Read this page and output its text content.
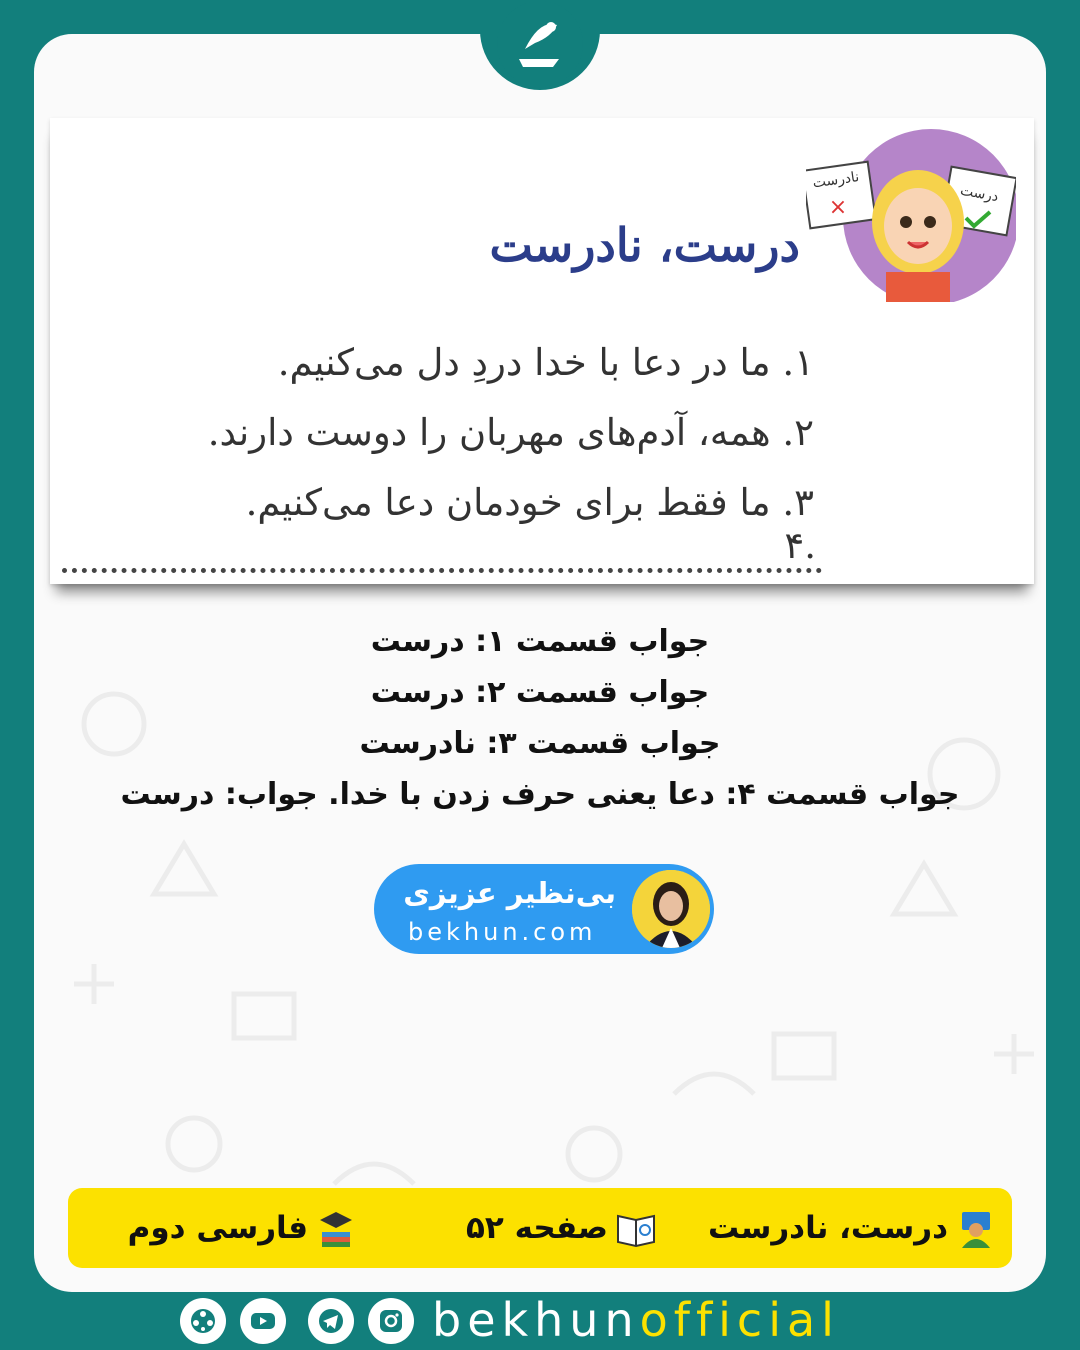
نادرست
×
درست
درست، نادرست
۱. ما در دعا با خدا دردِ دل می‌کنیم.
۲. همه، آدم‌های مهربان را دوست دارند.
۳. ما فقط برای خودمان دعا می‌کنیم.
۴.
جواب قسمت ۱: درست
جواب قسمت ۲: درست
جواب قسمت ۳: نادرست
جواب قسمت ۴: دعا یعنی حرف زدن با خدا. جواب: درست
بی‌نظیر عزیزی
bekhun.com
درست، نادرست
صفحه ۵۲
فارسی دوم
bekhunofficial
